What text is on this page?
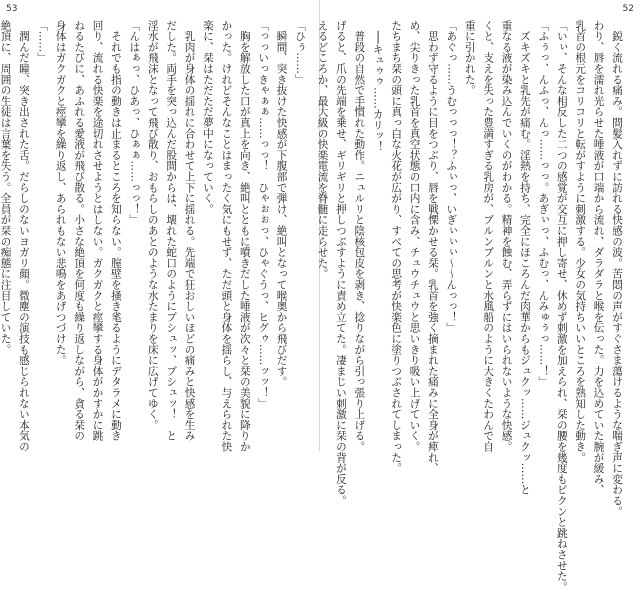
53
「ひぅ……」
　瞬間、突き抜けた快感が下腹部で弾け、絶叫となって喉奥から飛びだす。
「っっいっきゃぁぁ……っっ！　ひゃぉぉっ、ひゃぐうっ、ヒグゥ……ッッ！」
　胸を解放した口が真上を向き、絶叫とともに噴きだした唾液が次々と栞の美貌に降りか
かった。けれどそんなことはまったく気にもせず、ただ頭と身体を揺らし、与えられた快
楽に、栞はただただ夢中になっていく。
　乳肉が身体の揺れに合わせて上下に揺れる。先端で狂おしいほどの痛みと快感を生み
だした。両手を突っ込んだ股間からは、壊れた蛇口のようにブシュッ、ブシュッ！　と
淫水が飛沫となって飛び散り、おもらしのあとのような水たまりを床に広げてゆく。
「んはぁっ、ひあっ、ひぁぁ……っっ！」
　それでも指の動きは止まるところを知らない。膣壁を掻き毟るようにデタラメに動き
回り、流れる快楽を途切れさせようとはしない。ガクガクと痙攣する身体がかすかに跳
ねるたびに、あふれる愛液が飛び散る。小さな絶頂を何度も繰り返しながら、貪る栞の
身体はガクガクと痙攣を繰り返し、あられもない悲鳴をあげつづけた。
「……」
　潤んだ瞳、突き出された舌。だらしのないヨガリ顔。微塵の演技も感じられない本気の
絶頂に、周囲の生徒は言葉を失う。全員が栞の痴態に注目していた。
52
　鋭く流れる痛み。間髪入れずに訪れる快感の波。苦悶の声がすぐさま蕩けるような喘ぎ声に変わる。
わり、唇を濡れ光らせた唾液が口端から流れ、ダラダラと喉を伝った。力を込めていた腕が緩み、
乳首の根元をコリコリと転がすように刺激する。少女の気持ちいいところを熟知した動き。
「いぃ、そんな相反した二つの感覚が交互に押し寄せ、休めず刺激を加えられ、栞の腰を幾度もビクンと跳ねさせた。
「ふぅっ、んふっ、んっ……っっ。あぎぃっ、ふむっ、んみゅぅっ……！」
　ズキズキと乳先が痛む。淫熱を持ち、完全にほころんだ肉華からもジュクッ……ジュクッ……と
重なる液が染み込んでいくのがわかる。精神を蝕む、弄らずにはいられないような快感。
くと、支えを失った豊満すぎる乳房が、ブルンブルンと水風船のように大きくたわんで自
重に引かれた。
「あぐっ……うむっっっ！？ふぃっ、いぎぃぃぃ～～んっっ！」
　思わず守るように目をつぶり、唇を戦慄かせる栞。乳首を強く摘まれた痛みに全身が痺れ、
め、尖りきった乳首を真空状態の口内に含み、チュウチュウと思いきり吸い上げていく。
たちまち栞の頭に真っ白な火花が広がり、すべての思考が快楽色に塗りつぶされてしまった。
　──キュゥゥ……カリッ！
　普段の自然で手慣れた動作。ニュルリと陰核包皮を剥き、捻りながら引っ張り上げる。
げると、爪の先端を乗せ、ギリギリと押しつぶすように責め立てた。凄まじい刺激に栞の背が反る。
えるどころか、最大級の快楽電流を脊髄に走らせた。
